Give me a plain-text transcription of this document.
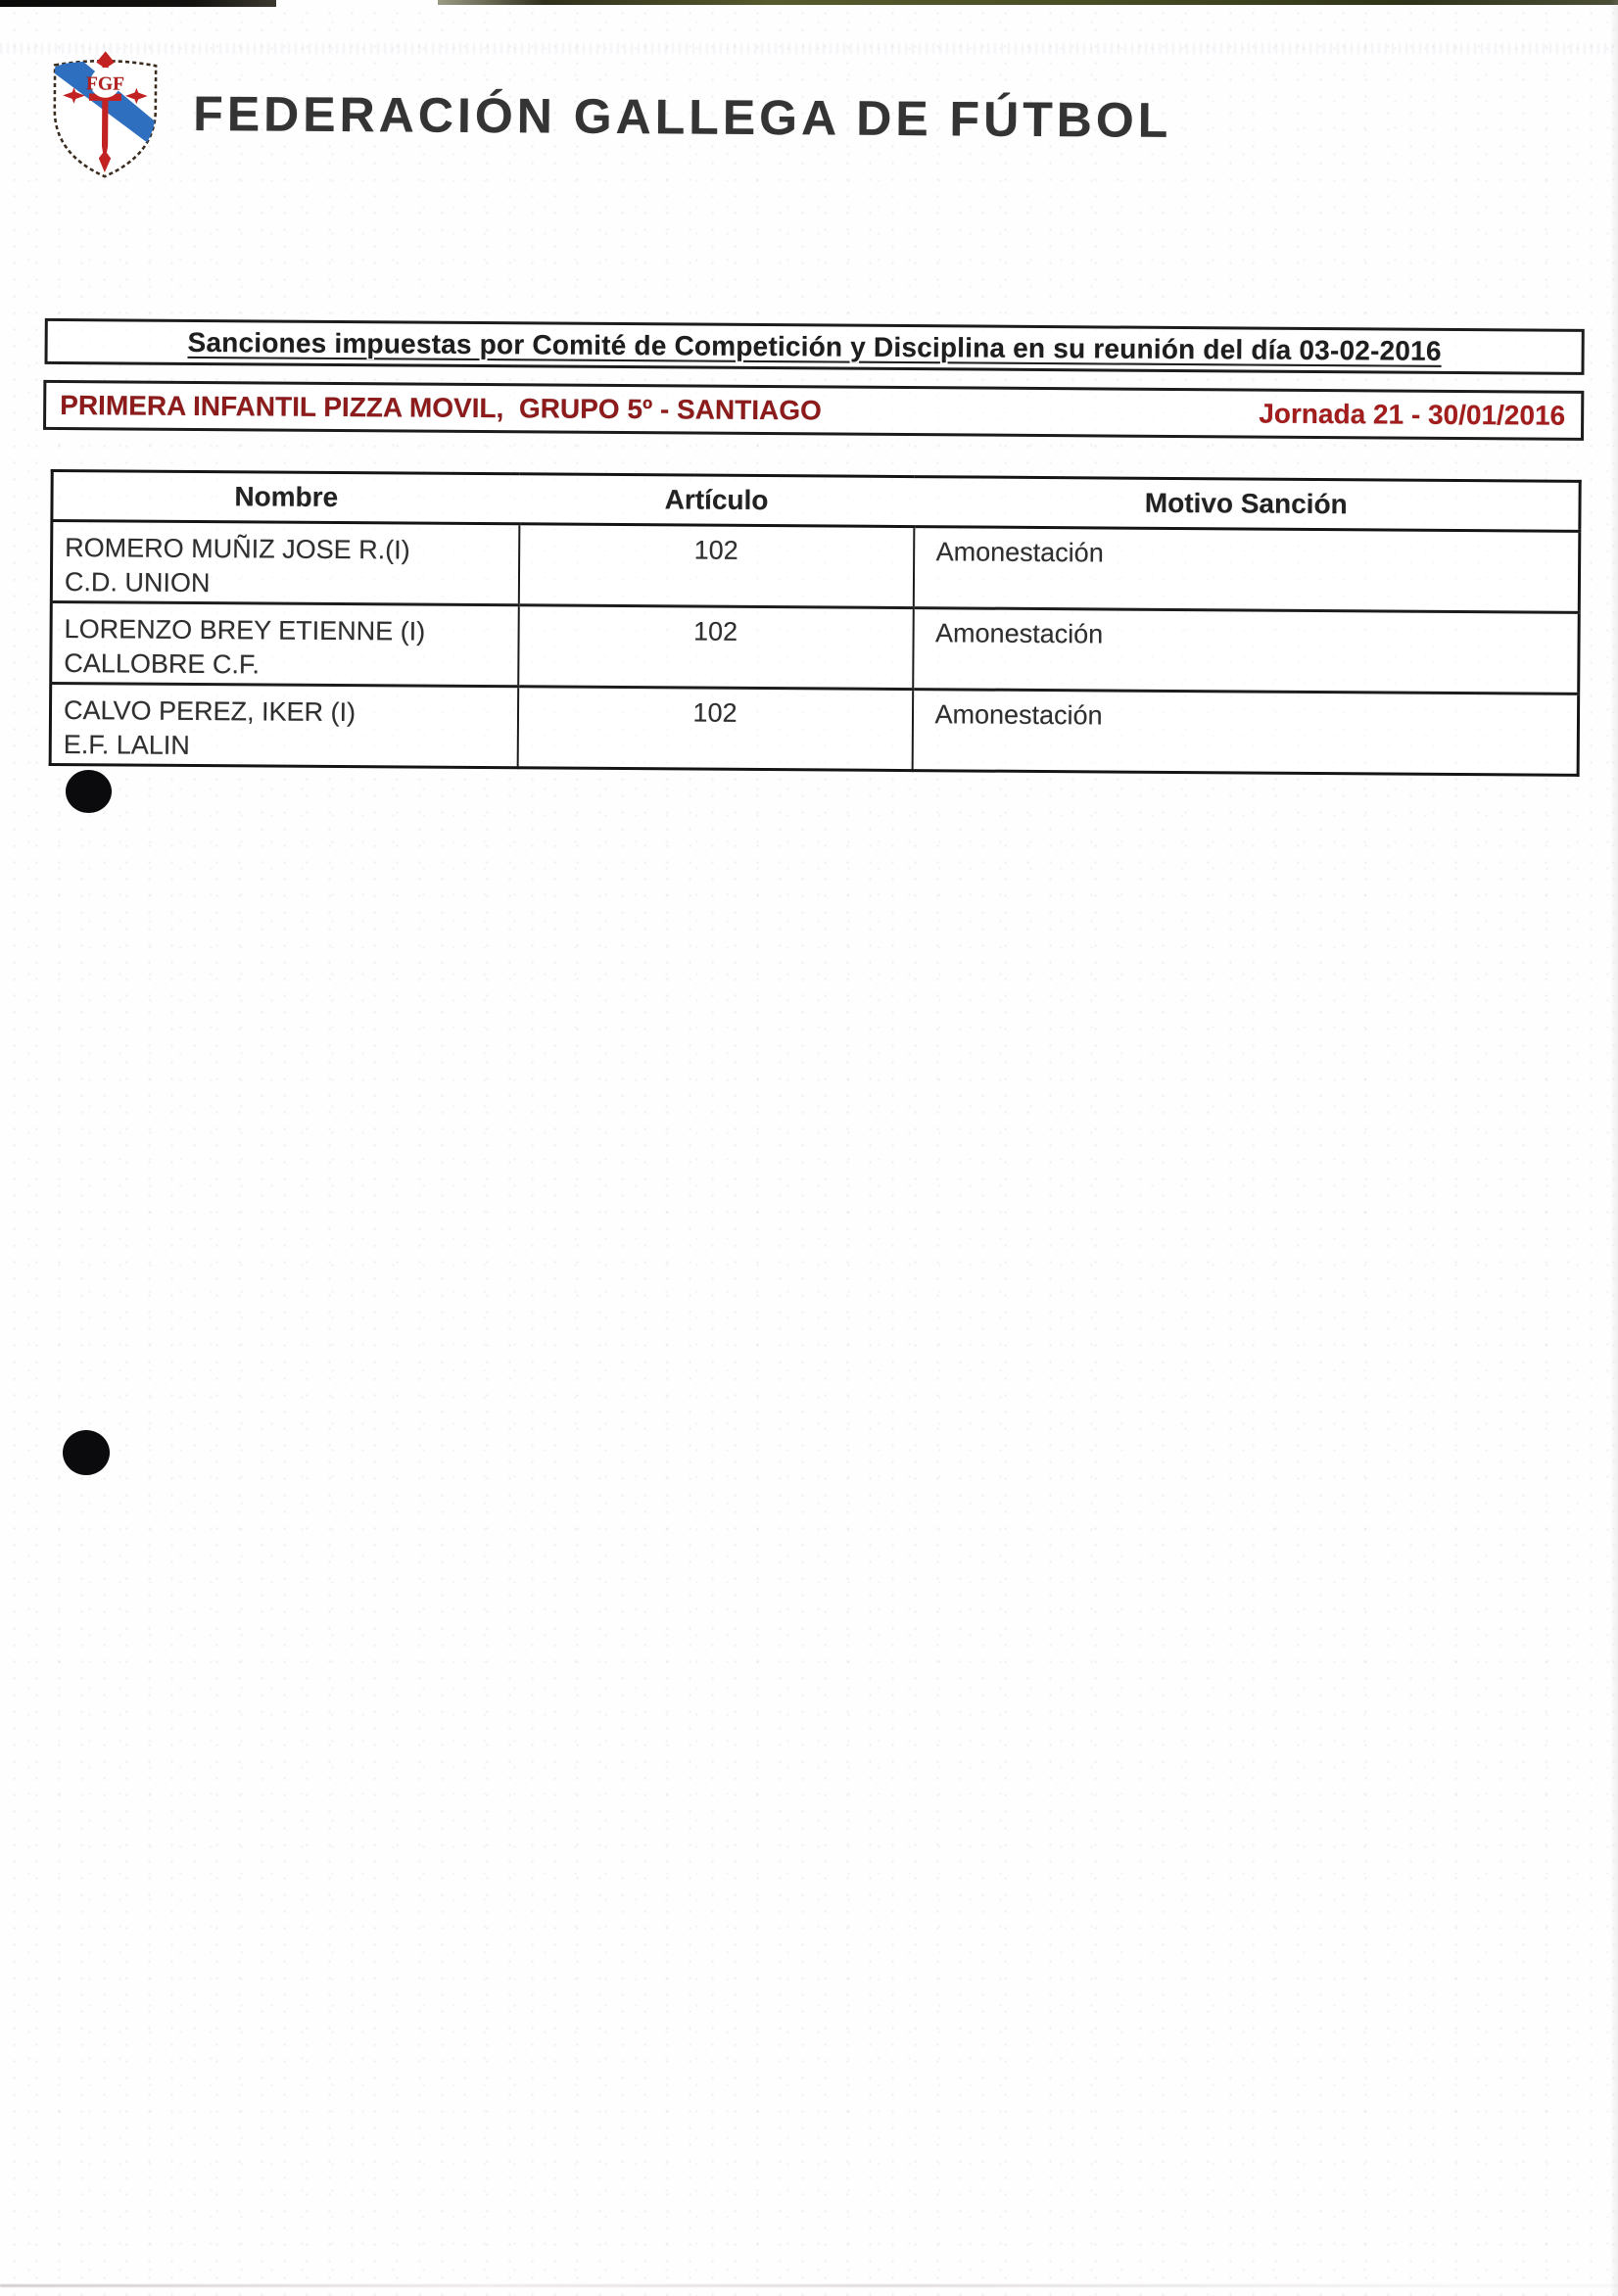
FGF
FEDERACIÓN GALLEGA DE FÚTBOL
Sanciones impuestas por Comité de Competición y Disciplina en su reunión del día 03-02-2016
PRIMERA INFANTIL PIZZA MOVIL,  GRUPO 5º - SANTIAGO	Jornada 21 - 30/01/2016
Nombre	Artículo	Motivo Sanción

ROMERO MUÑIZ JOSE R.(I)
C.D. UNION	102	Amonestación

LORENZO BREY ETIENNE (I)
CALLOBRE C.F.	102	Amonestación

CALVO PEREZ, IKER (I)
E.F. LALIN	102	Amonestación
